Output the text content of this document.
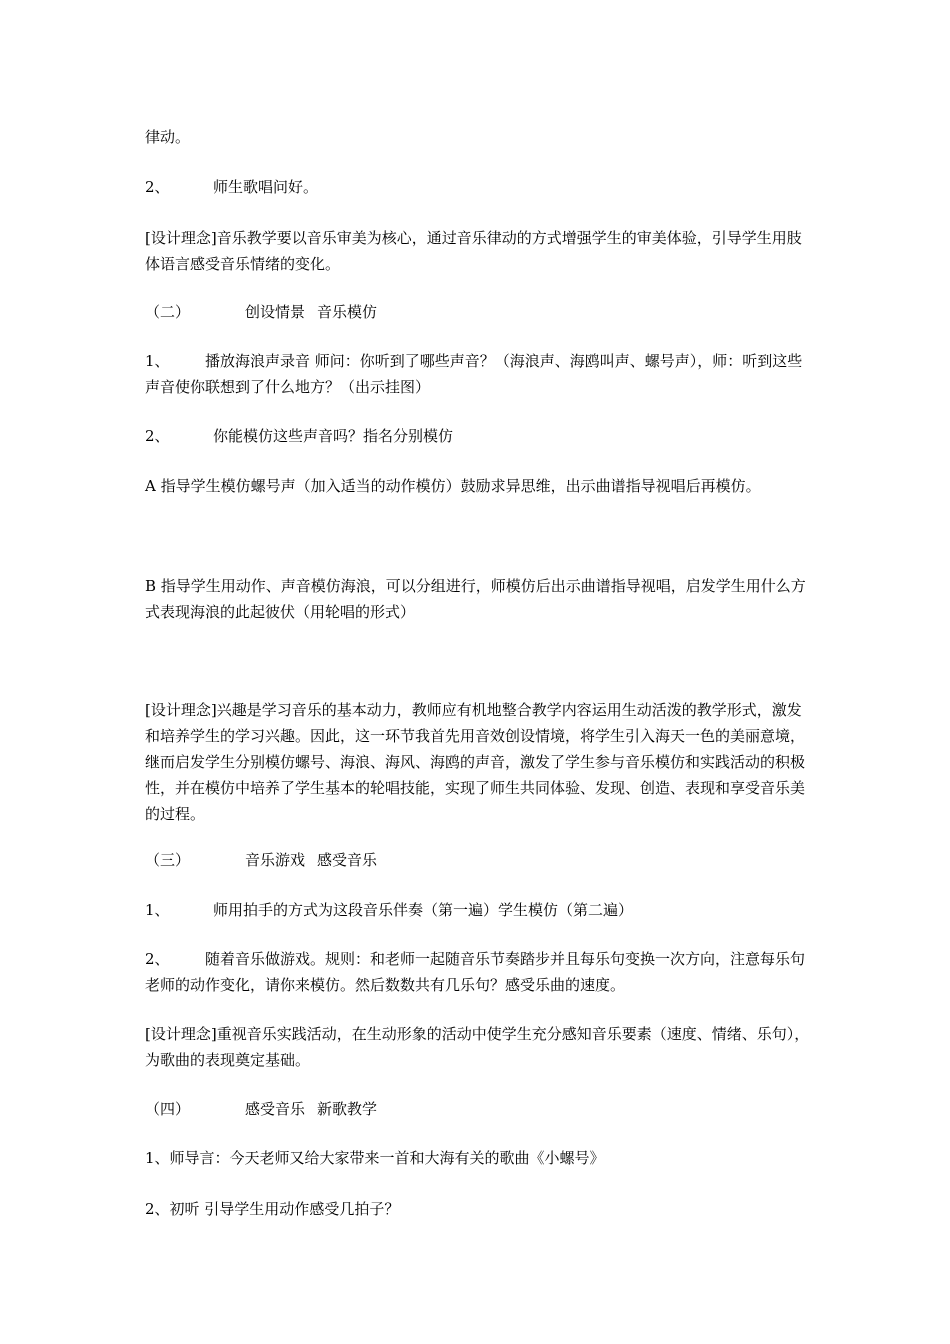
律动。

2、	师生歌唱问好。

[设计理念]音乐教学要以音乐审美为核心，通过音乐律动的方式增强学生的审美体验，引导学生用肢体语言感受音乐情绪的变化。

（二）	创设情景 音乐模仿

1、 播放海浪声录音 师问：你听到了哪些声音？（海浪声、海鸥叫声、螺号声），师：听到这些声音使你联想到了什么地方？（出示挂图）

2、	你能模仿这些声音吗？指名分别模仿

A 指导学生模仿螺号声（加入适当的动作模仿）鼓励求异思维，出示曲谱指导视唱后再模仿。

B 指导学生用动作、声音模仿海浪，可以分组进行，师模仿后出示曲谱指导视唱，启发学生用什么方式表现海浪的此起彼伏（用轮唱的形式）

[设计理念]兴趣是学习音乐的基本动力，教师应有机地整合教学内容运用生动活泼的教学形式，激发和培养学生的学习兴趣。因此，这一环节我首先用音效创设情境，将学生引入海天一色的美丽意境，继而启发学生分别模仿螺号、海浪、海风、海鸥的声音，激发了学生参与音乐模仿和实践活动的积极性，并在模仿中培养了学生基本的轮唱技能，实现了师生共同体验、发现、创造、表现和享受音乐美的过程。

（三）	音乐游戏 感受音乐

1、	师用拍手的方式为这段音乐伴奏（第一遍）学生模仿（第二遍）

2、 随着音乐做游戏。规则：和老师一起随音乐节奏踏步并且每乐句变换一次方向，注意每乐句老师的动作变化，请你来模仿。然后数数共有几乐句？感受乐曲的速度。

[设计理念]重视音乐实践活动，在生动形象的活动中使学生充分感知音乐要素（速度、情绪、乐句），为歌曲的表现奠定基础。

（四）	感受音乐 新歌教学

1、师导言：今天老师又给大家带来一首和大海有关的歌曲《小螺号》

2、初听 引导学生用动作感受几拍子？
